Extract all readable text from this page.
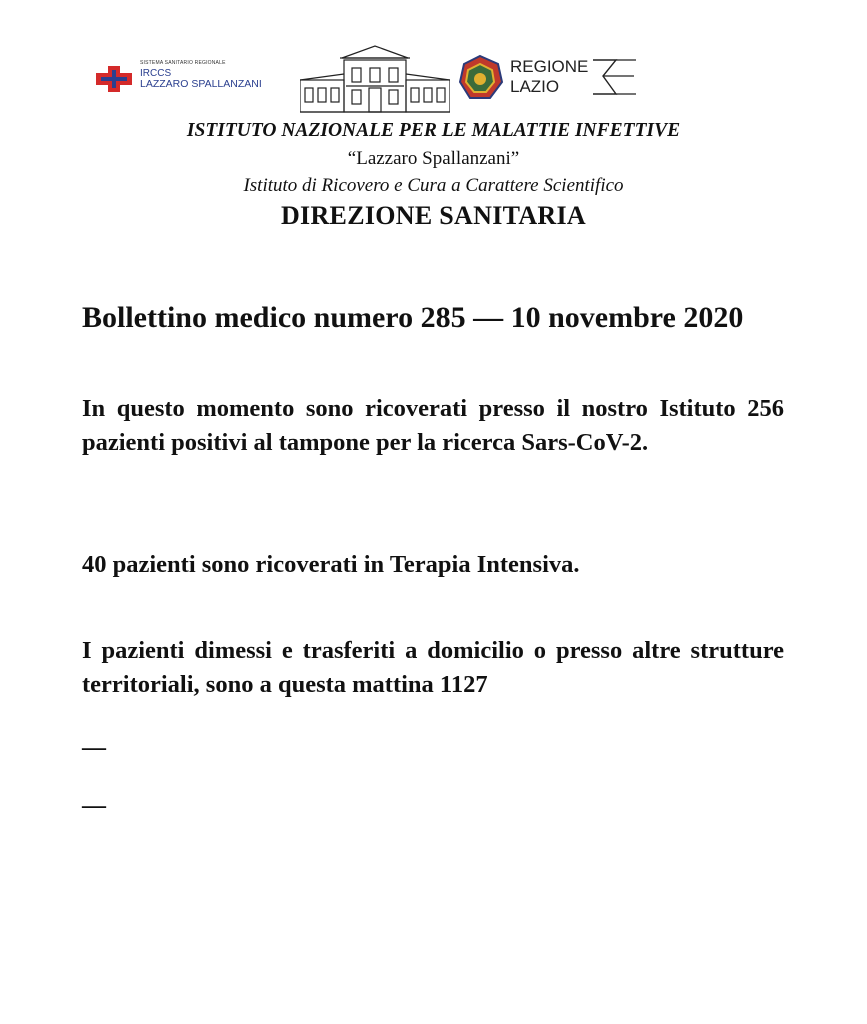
SISTEMA SANITARIO REGIONALE
IRCCS
LAZZARO SPALLANZANI
REGIONE
LAZIO
ISTITUTO NAZIONALE PER LE MALATTIE INFETTIVE
“Lazzaro Spallanzani”
Istituto di Ricovero e Cura a Carattere Scientifico
DIREZIONE SANITARIA
Bollettino medico numero 285 — 10 novembre 2020
In questo momento sono ricoverati presso il nostro Istituto 256 pazienti positivi al tampone per la ricerca Sars-CoV-2.
40 pazienti sono ricoverati in Terapia Intensiva.
I pazienti dimessi e trasferiti a domicilio o presso altre strutture territoriali, sono a questa mattina 1127
—
—
